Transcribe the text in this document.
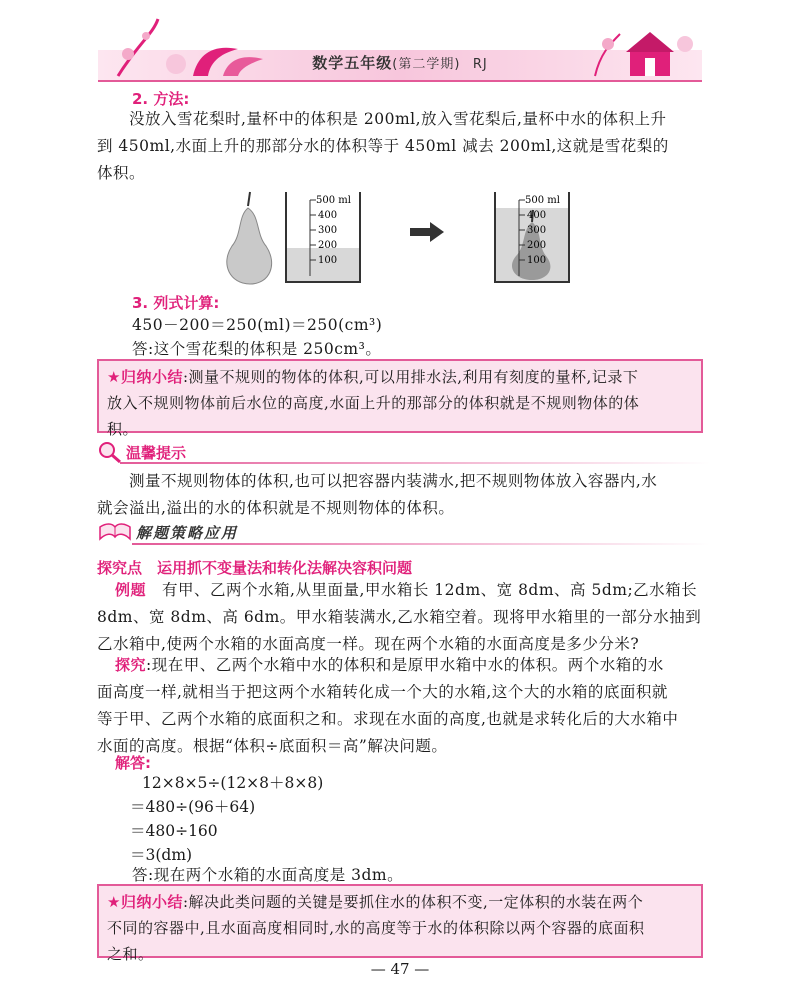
数学五年级(第二学期) RJ
2. 方法:
没放入雪花梨时,量杯中的体积是 200ml,放入雪花梨后,量杯中水的体积上升
到 450ml,水面上升的那部分水的体积等于 450ml 减去 200ml,这就是雪花梨的
体积。
500 ml
400
300
200
100
500 ml
400
300
200
100
3. 列式计算:
450－200＝250(ml)＝250(cm³)
答:这个雪花梨的体积是 250cm³。
★归纳小结:测量不规则的物体的体积,可以用排水法,利用有刻度的量杯,记录下
放入不规则物体前后水位的高度,水面上升的那部分的体积就是不规则物体的体
积。
温馨提示
测量不规则物体的体积,也可以把容器内装满水,把不规则物体放入容器内,水
就会溢出,溢出的水的体积就是不规则物体的体积。
解题策略应用
探究点　运用抓不变量法和转化法解决容积问题
例题　有甲、乙两个水箱,从里面量,甲水箱长 12dm、宽 8dm、高 5dm;乙水箱长
8dm、宽 8dm、高 6dm。甲水箱装满水,乙水箱空着。现将甲水箱里的一部分水抽到
乙水箱中,使两个水箱的水面高度一样。现在两个水箱的水面高度是多少分米?
探究:现在甲、乙两个水箱中水的体积和是原甲水箱中水的体积。两个水箱的水
面高度一样,就相当于把这两个水箱转化成一个大的水箱,这个大的水箱的底面积就
等于甲、乙两个水箱的底面积之和。求现在水面的高度,也就是求转化后的大水箱中
水面的高度。根据“体积÷底面积＝高”解决问题。
解答:
12×8×5÷(12×8＋8×8)
＝480÷(96＋64)
＝480÷160
＝3(dm)
答:现在两个水箱的水面高度是 3dm。
★归纳小结:解决此类问题的关键是要抓住水的体积不变,一定体积的水装在两个
不同的容器中,且水面高度相同时,水的高度等于水的体积除以两个容器的底面积
之和。
— 47 —
